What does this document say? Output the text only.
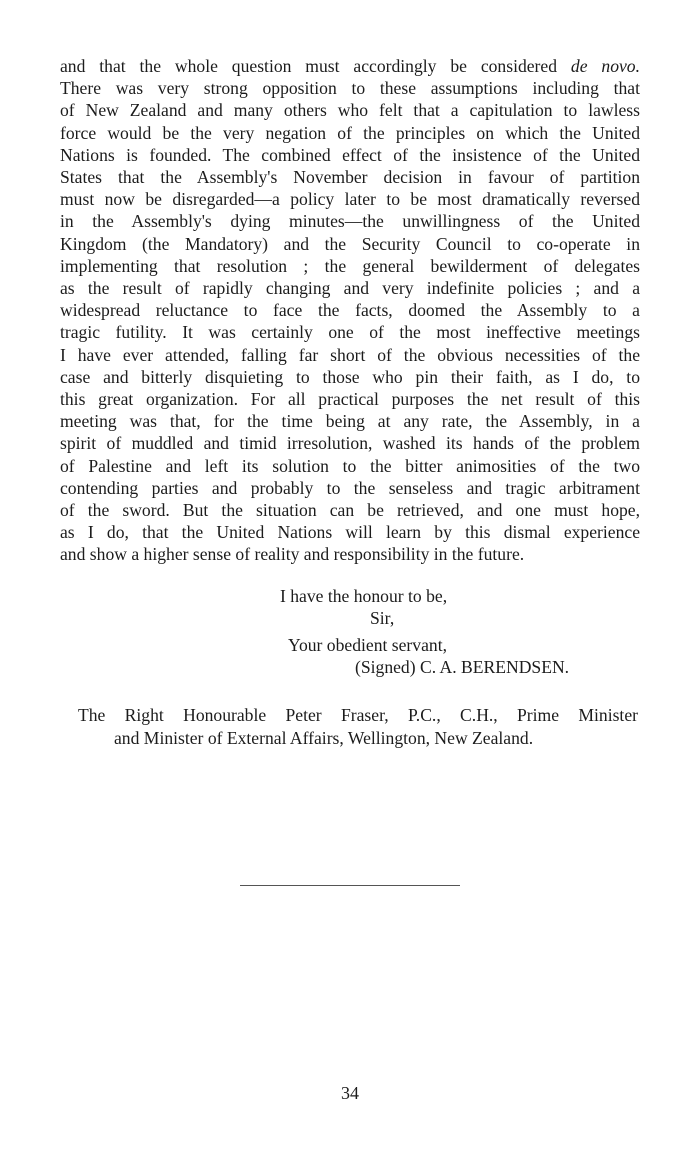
and that the whole question must accordingly be considered de novo.
There was very strong opposition to these assumptions including that
of New Zealand and many others who felt that a capitulation to lawless
force would be the very negation of the principles on which the United
Nations is founded. The combined effect of the insistence of the United
States that the Assembly's November decision in favour of partition
must now be disregarded—a policy later to be most dramatically reversed
in the Assembly's dying minutes—the unwillingness of the United
Kingdom (the Mandatory) and the Security Council to co-operate in
implementing that resolution ; the general bewilderment of delegates
as the result of rapidly changing and very indefinite policies ; and a
widespread reluctance to face the facts, doomed the Assembly to a
tragic futility. It was certainly one of the most ineffective meetings
I have ever attended, falling far short of the obvious necessities of the
case and bitterly disquieting to those who pin their faith, as I do, to
this great organization. For all practical purposes the net result of this
meeting was that, for the time being at any rate, the Assembly, in a
spirit of muddled and timid irresolution, washed its hands of the problem
of Palestine and left its solution to the bitter animosities of the two
contending parties and probably to the senseless and tragic arbitrament
of the sword. But the situation can be retrieved, and one must hope,
as I do, that the United Nations will learn by this dismal experience
and show a higher sense of reality and responsibility in the future.
I have the honour to be,
Sir,
Your obedient servant,
(Signed) C. A. BERENDSEN.
The Right Honourable Peter Fraser, P.C., C.H., Prime Minister
and Minister of External Affairs, Wellington, New Zealand.
34
